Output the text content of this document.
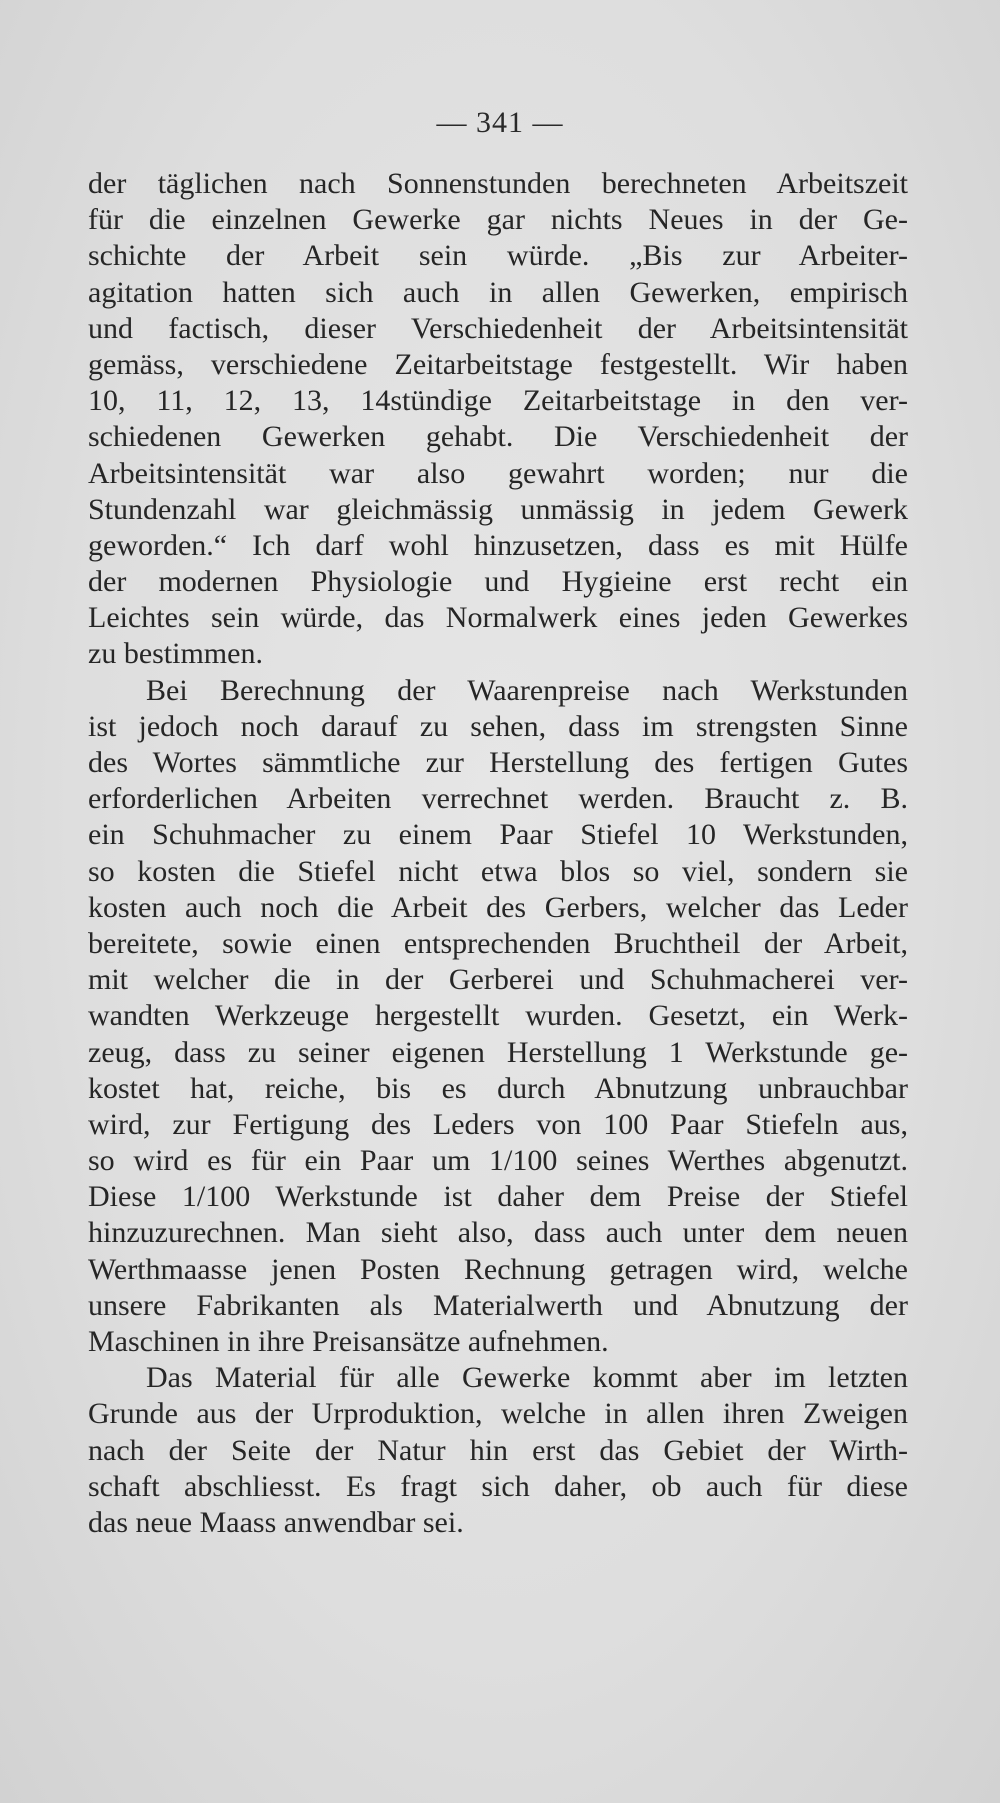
— 341 —
der täglichen nach Sonnenstunden berechneten Arbeitszeit
für die einzelnen Gewerke gar nichts Neues in der Ge-
schichte der Arbeit sein würde. „Bis zur Arbeiter-
agitation hatten sich auch in allen Gewerken, empirisch
und factisch, dieser Verschiedenheit der Arbeitsintensität
gemäss, verschiedene Zeitarbeitstage festgestellt. Wir haben
10, 11, 12, 13, 14stündige Zeitarbeitstage in den ver-
schiedenen Gewerken gehabt. Die Verschiedenheit der
Arbeitsintensität war also gewahrt worden; nur die
Stundenzahl war gleichmässig unmässig in jedem Gewerk
geworden.“ Ich darf wohl hinzusetzen, dass es mit Hülfe
der modernen Physiologie und Hygieine erst recht ein
Leichtes sein würde, das Normalwerk eines jeden Gewerkes
zu bestimmen.
Bei Berechnung der Waarenpreise nach Werkstunden
ist jedoch noch darauf zu sehen, dass im strengsten Sinne
des Wortes sämmtliche zur Herstellung des fertigen Gutes
erforderlichen Arbeiten verrechnet werden. Braucht z. B.
ein Schuhmacher zu einem Paar Stiefel 10 Werkstunden,
so kosten die Stiefel nicht etwa blos so viel, sondern sie
kosten auch noch die Arbeit des Gerbers, welcher das Leder
bereitete, sowie einen entsprechenden Bruchtheil der Arbeit,
mit welcher die in der Gerberei und Schuhmacherei ver-
wandten Werkzeuge hergestellt wurden. Gesetzt, ein Werk-
zeug, dass zu seiner eigenen Herstellung 1 Werkstunde ge-
kostet hat, reiche, bis es durch Abnutzung unbrauchbar
wird, zur Fertigung des Leders von 100 Paar Stiefeln aus,
so wird es für ein Paar um 1/100 seines Werthes abgenutzt.
Diese 1/100 Werkstunde ist daher dem Preise der Stiefel
hinzuzurechnen. Man sieht also, dass auch unter dem neuen
Werthmaasse jenen Posten Rechnung getragen wird, welche
unsere Fabrikanten als Materialwerth und Abnutzung der
Maschinen in ihre Preisansätze aufnehmen.
Das Material für alle Gewerke kommt aber im letzten
Grunde aus der Urproduktion, welche in allen ihren Zweigen
nach der Seite der Natur hin erst das Gebiet der Wirth-
schaft abschliesst. Es fragt sich daher, ob auch für diese
das neue Maass anwendbar sei.
